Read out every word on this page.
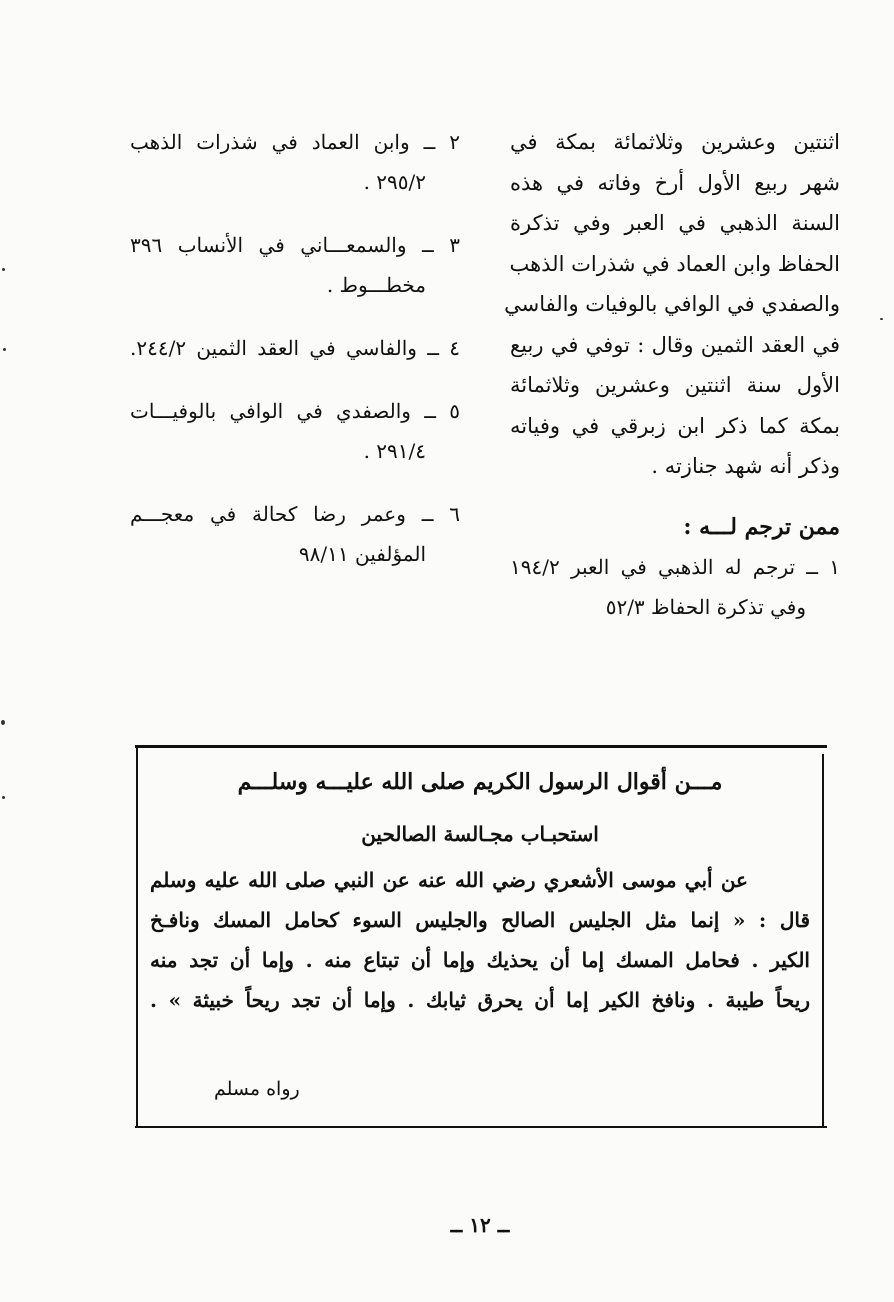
اثنتين وعشرين وثلاثمائة بمكة في
شهر ربيع الأول أرخ وفاته في هذه
السنة الذهبي في العبر وفي تذكرة
الحفاظ وابن العماد في شذرات الذهب
والصفدي في الوافي بالوفيات والفاسي
في العقد الثمين وقال : توفي في ربيع
الأول سنة اثنتين وعشرين وثلاثمائة
بمكة كما ذكر ابن زبرقي في وفياته
وذكر أنه شهد جنازته .
ممن ترجم لـــه :
١ ــ ترجم له الذهبي في العبر ١٩٤/٢
وفي تذكرة الحفاظ ٥٢/٣
٢ ــ وابن العماد في شذرات الذهب
٢٩٥/٢ .
٣ ــ والسمعـــاني في الأنساب ٣٩٦
مخطـــوط .
٤ ــ والفاسي في العقد الثمين ٢٤٤/٢.
٥ ــ والصفدي في الوافي بالوفيـــات
٢٩١/٤ .
٦ ــ وعمر رضا كحالة في معجـــم
المؤلفين ٩٨/١١
مـــن أقوال الرسول الكريم صلى الله عليـــه وسلـــم
استحبـاب مجـالسة الصالحين
عن أبي موسى الأشعري رضي الله عنه عن النبي صلى الله عليه وسلم
قال : « إنما مثل الجليس الصالح والجليس السوء كحامل المسك ونافـخ
الكير . فحامل المسك إما أن يحذيك وإما أن تبتاع منه . وإما أن تجد منه
ريحاً طيبة . ونافخ الكير إما أن يحرق ثيابك . وإما أن تجد ريحاً خبيثة » .
رواه مسلم
ــ ١٢ ــ
